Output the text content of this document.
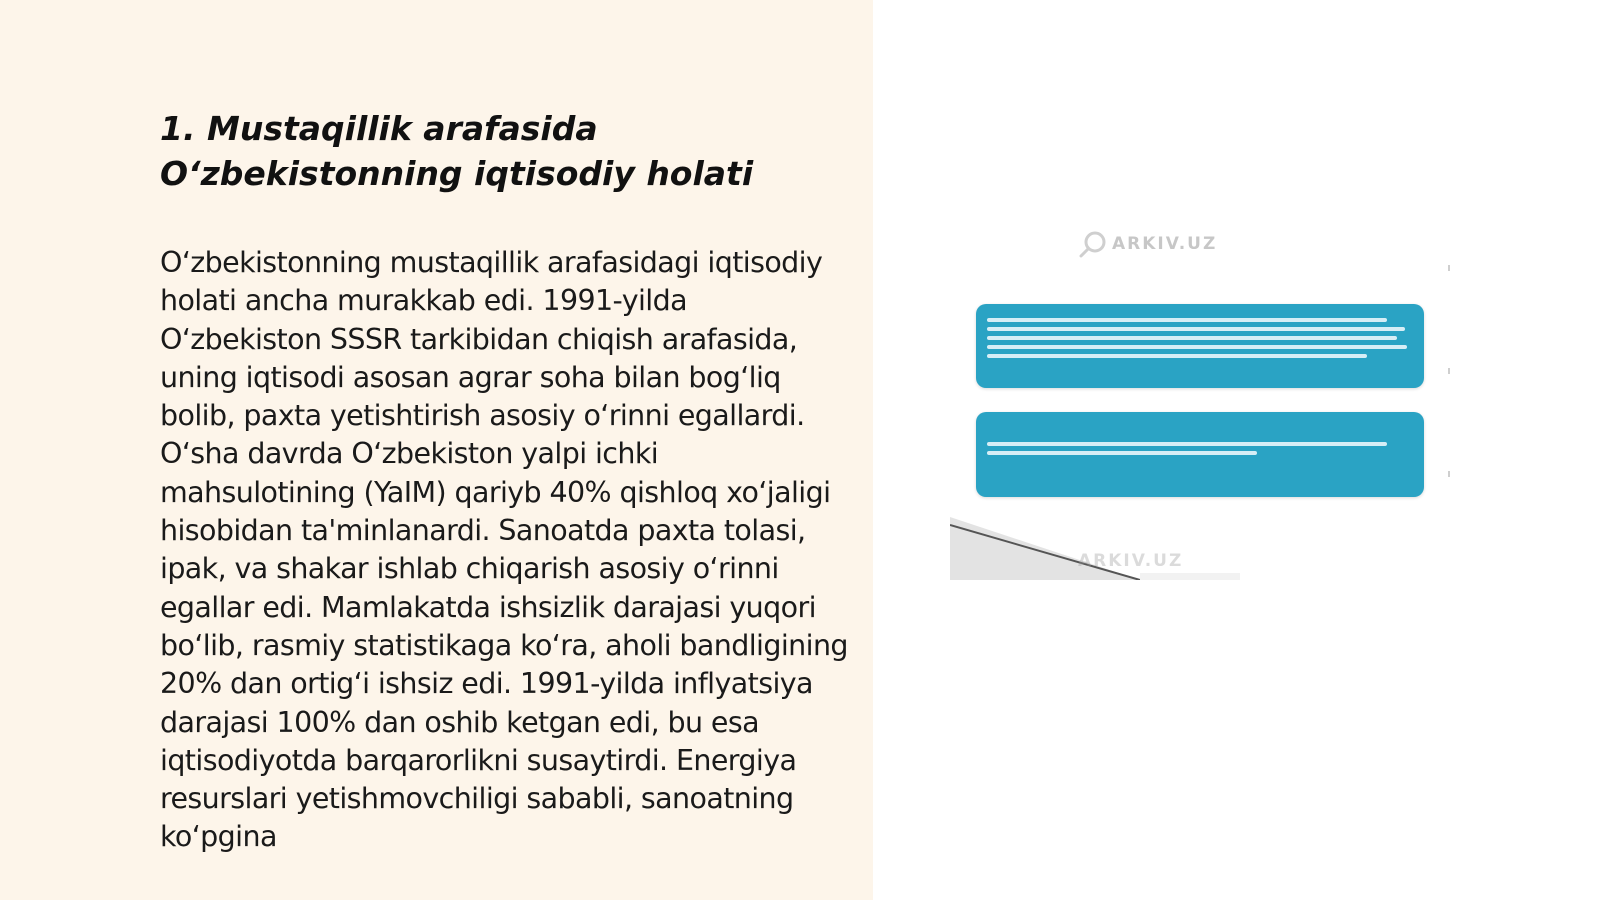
1. Mustaqillik arafasida
O‘zbekistonning iqtisodiy holati

O‘zbekistonning mustaqillik arafasidagi iqtisodiy holati ancha murakkab edi. 1991-yilda O‘zbekiston SSSR tarkibidan chiqish arafasida, uning iqtisodi asosan agrar soha bilan bog‘liq bolib, paxta yetishtirish asosiy o‘rinni egallardi. O‘sha davrda O‘zbekiston yalpi ichki mahsulotining (YaIM) qariyb 40% qishloq xo‘jaligi hisobidan ta'minlanardi. Sanoatda paxta tolasi, ipak, va shakar ishlab chiqarish asosiy o‘rinni egallar edi. Mamlakatda ishsizlik darajasi yuqori bo‘lib, rasmiy statistikaga ko‘ra, aholi bandligining 20% dan ortig‘i ishsiz edi. 1991-yilda inflyatsiya darajasi 100% dan oshib ketgan edi, bu esa iqtisodiyotda barqarorlikni susaytirdi. Energiya resurslari yetishmovchiligi sababli, sanoatning ko‘pgina

ARKIV.UZ
ARKIV.UZ
